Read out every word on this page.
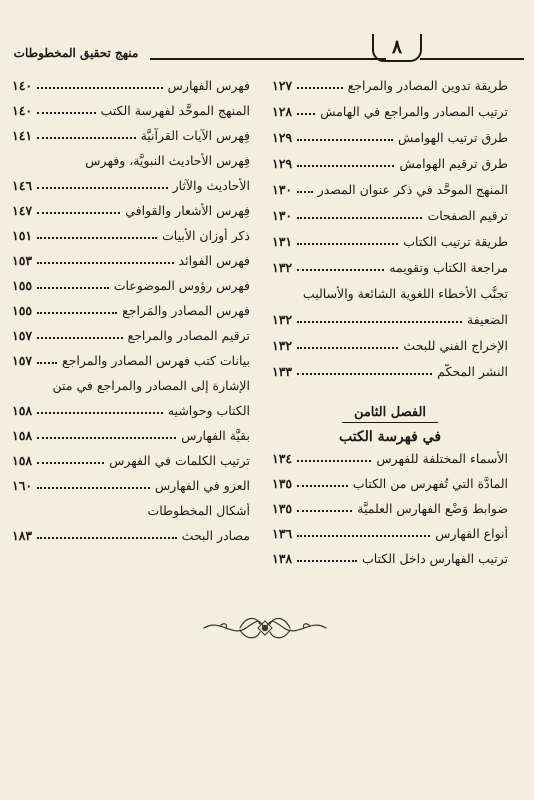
٨
منهج تحقيق المخطوطات
طريقة تدوين المصادر والمراجع
١٢٧
ترتيب المصادر والمراجع في الهامش
١٢٨
طرق ترتيب الهوامش
١٢٩
طرق ترقيم الهوامش
١٢٩
المنهج الموحَّد في ذكر عنوان المصدر
١٣٠
ترقيم الصفحات
١٣٠
طريقة ترتيب الكتاب
١٣١
مراجعة الكتاب وتقويمه
١٣٢
تجنُّب الأخطاء اللغوية الشائعة والأساليب
الضعيفة
١٣٢
الإخراج الفني للبحث
١٣٢
النشر المحكَّم
١٣٣
الفصل الثامن
في فهرسة الكتب
الأسماء المختلفة للفهرس
١٣٤
المادَّة التي تُفهرس من الكتاب
١٣٥
ضوابط وَضْع الفهارس العلميَّة
١٣٥
أنواع الفهارس
١٣٦
ترتيب الفهارس داخل الكتاب
١٣٨
فهرس الفهارس
١٤٠
المنهج الموحَّد لفهرسة الكتب
١٤٠
فِهرس الآيات القرآنيَّة
١٤١
فِهرس الأحاديث النبويَّة، وفهرس
الأحاديث والآثار
١٤٦
فِهرس الأشعار والقوافي
١٤٧
ذكر أوزان الأبيات
١٥١
فهرس الفوائد
١٥٣
فهرس رؤوس الموضوعات
١٥٥
فهرس المصادر والمَراجع
١٥٥
ترقيم المصادر والمراجع
١٥٧
بيانات كتب فهرس المصادر والمراجع
١٥٧
الإشارة إلى المصادر والمراجع في متن
الكتاب وحواشيه
١٥٨
بقيَّة الفهارس
١٥٨
ترتيب الكلمات في الفهرس
١٥٨
العزو في الفهارس
١٦٠
أشكال المخطوطات
مصادر البحث
١٨٣
